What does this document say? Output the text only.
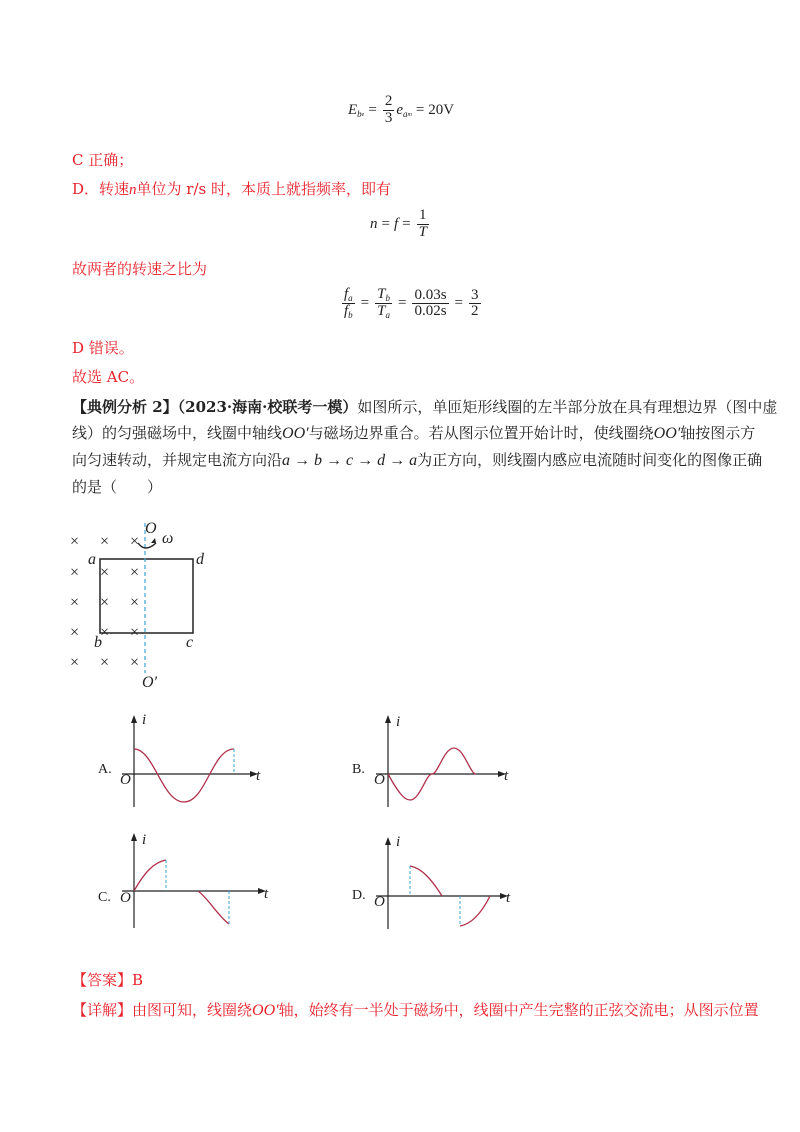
$E_be = \frac{2}{3} e_am = 20V$
C 正确；
D．转速n单位为 r/s 时，本质上就指频率，即有
$n = f = \frac{1}{T}$
故两者的转速之比为
$\frac{f_a}{f_b} = \frac{T_b}{T_a} = \frac{0.03s}{0.02s} = \frac{3}{2}$
D 错误。
故选 AC。
【典例分析 2】（2023·海南·校联考一模）如图所示，单匝矩形线圈的左半部分放在具有理想边界（图中虚
线）的匀强磁场中，线圈中轴线OO′与磁场边界重合。若从图示位置开始计时，使线圈绕OO′轴按图示方
向匀速转动，并规定电流方向沿a → b → c → d → a为正方向，则线圈内感应电流随时间变化的图像正确
的是（　　）
× × ×
× × ×
× × ×
× × ×
× × ×
O
ω
a	d
b	c
O′
A.
i
t
O
B.
i
t
O
C.
i
t
O	D.
i
t
O
【答案】B
【详解】由图可知，线圈绕OO′轴，始终有一半处于磁场中，线圈中产生完整的正弦交流电；从图示位置
